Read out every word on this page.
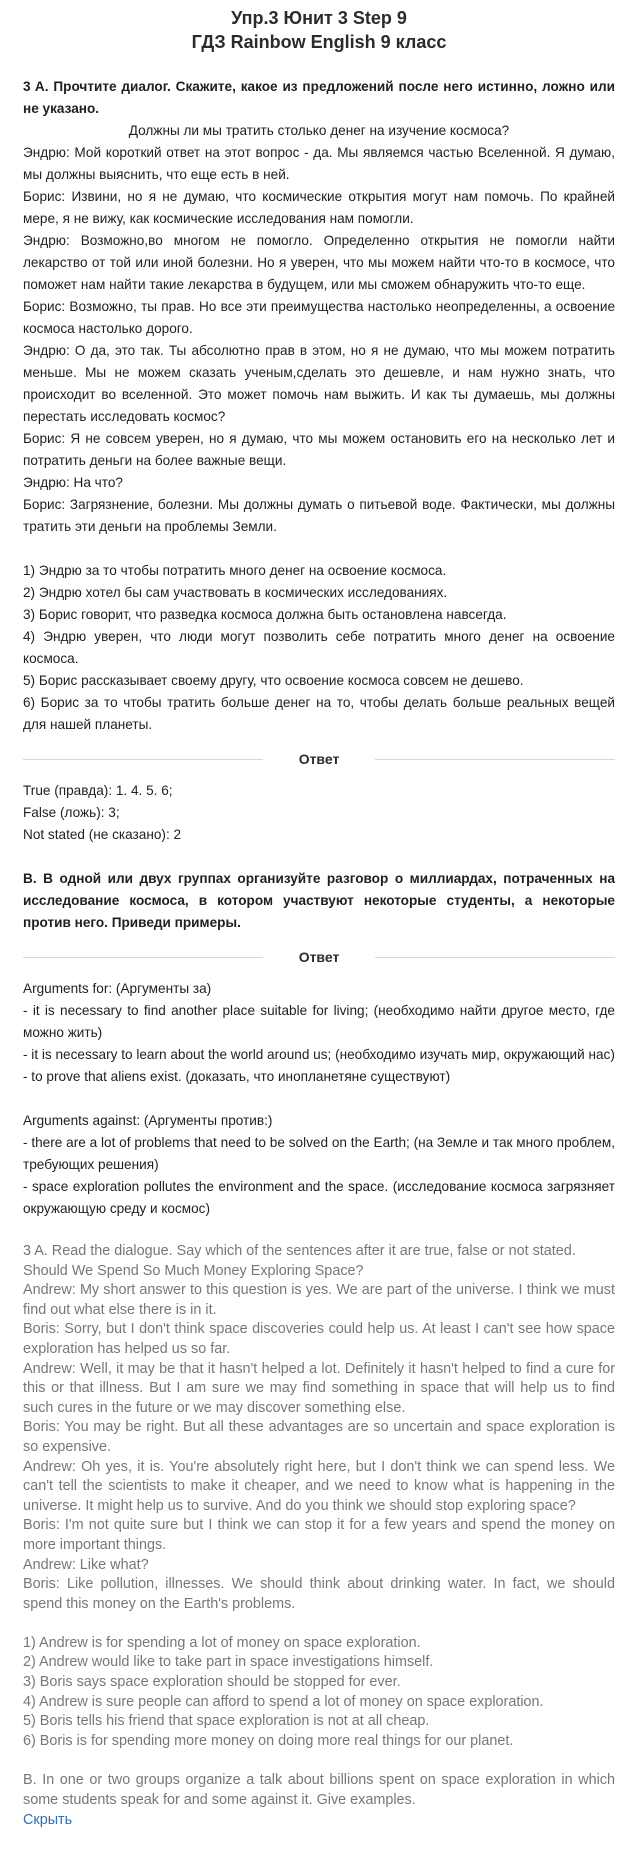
Упр.3 Юнит 3 Step 9
ГДЗ Rainbow English 9 класс

3 A. Прочтите диалог. Скажите, какое из предложений после него истинно, ложно или не указано.

Должны ли мы тратить столько денег на изучение космоса?

Эндрю: Мой короткий ответ на этот вопрос - да. Мы являемся частью Вселенной. Я думаю, мы должны выяснить, что еще есть в ней.

Борис: Извини, но я не думаю, что космические открытия могут нам помочь. По крайней мере, я не вижу, как космические исследования нам помогли.

Эндрю: Возможно,во многом не помогло. Определенно открытия не помогли найти лекарство от той или иной болезни. Но я уверен, что мы можем найти что-то в космосе, что поможет нам найти такие лекарства в будущем, или мы сможем обнаружить что-то еще.

Борис: Возможно, ты прав. Но все эти преимущества настолько неопределенны, а освоение космоса настолько дорого.

Эндрю: О да, это так. Ты абсолютно прав в этом, но я не думаю, что мы можем потратить меньше. Мы не можем сказать ученым,сделать это дешевле, и нам нужно знать, что происходит во вселенной. Это может помочь нам выжить. И как ты думаешь, мы должны перестать исследовать космос?

Борис: Я не совсем уверен, но я думаю, что мы можем остановить его на несколько лет и потратить деньги на более важные вещи.

Эндрю: На что?

Борис: Загрязнение, болезни. Мы должны думать о питьевой воде. Фактически, мы должны тратить эти деньги на проблемы Земли.

1) Эндрю за то чтобы потратить много денег на освоение космоса.

2) Эндрю хотел бы сам участвовать в космических исследованиях.

3) Борис говорит, что разведка космоса должна быть остановлена навсегда.

4) Эндрю уверен, что люди могут позволить себе потратить много денег на освоение космоса.

5) Борис рассказывает своему другу, что освоение космоса совсем не дешево.

6) Борис за то чтобы тратить больше денег на то, чтобы делать больше реальных вещей для нашей планеты.

Ответ

True (правда): 1. 4. 5. 6;

False (ложь): 3;

Not stated (не сказано): 2

B. В одной или двух группах организуйте разговор о миллиардах, потраченных на исследование космоса, в котором участвуют некоторые студенты, а некоторые против него. Приведи примеры.

Ответ

Arguments for: (Аргументы за)

- it is necessary to find another place suitable for living; (необходимо найти другое место, где можно жить)

- it is necessary to learn about the world around us; (необходимо изучать мир, окружающий нас)

- to prove that aliens exist. (доказать, что инопланетяне существуют)

Arguments against: (Аргументы против:)

- there are a lot of problems that need to be solved on the Earth; (на Земле и так много проблем, требующих решения)

- space exploration pollutes the environment and the space. (исследование космоса загрязняет окружающую среду и космос)

3 A. Read the dialogue. Say which of the sentences after it are true, false or not stated.

Should We Spend So Much Money Exploring Space?

Andrew: My short answer to this question is yes. We are part of the universe. I think we must find out what else there is in it.

Boris: Sorry, but I don't think space discoveries could help us. At least I can't see how space exploration has helped us so far.

Andrew: Well, it may be that it hasn't helped a lot. Definitely it hasn't helped to find a cure for this or that illness. But I am sure we may find something in space that will help us to find such cures in the future or we may discover something else.

Boris: You may be right. But all these advantages are so uncertain and space exploration is so expensive.

Andrew: Oh yes, it is. You're absolutely right here, but I don't think we can spend less. We can't tell the scientists to make it cheaper, and we need to know what is happening in the universe. It might help us to survive. And do you think we should stop exploring space?

Boris: I'm not quite sure but I think we can stop it for a few years and spend the money on more important things.

Andrew: Like what?

Boris: Like pollution, illnesses. We should think about drinking water. In fact, we should spend this money on the Earth's problems.

1) Andrew is for spending a lot of money on space exploration.

2) Andrew would like to take part in space investigations himself.

3) Boris says space exploration should be stopped for ever.

4) Andrew is sure people can afford to spend a lot of money on space exploration.

5) Boris tells his friend that space exploration is not at all cheap.

6) Boris is for spending more money on doing more real things for our planet.

B. In one or two groups organize a talk about billions spent on space exploration in which some students speak for and some against it. Give examples.

Скрыть
